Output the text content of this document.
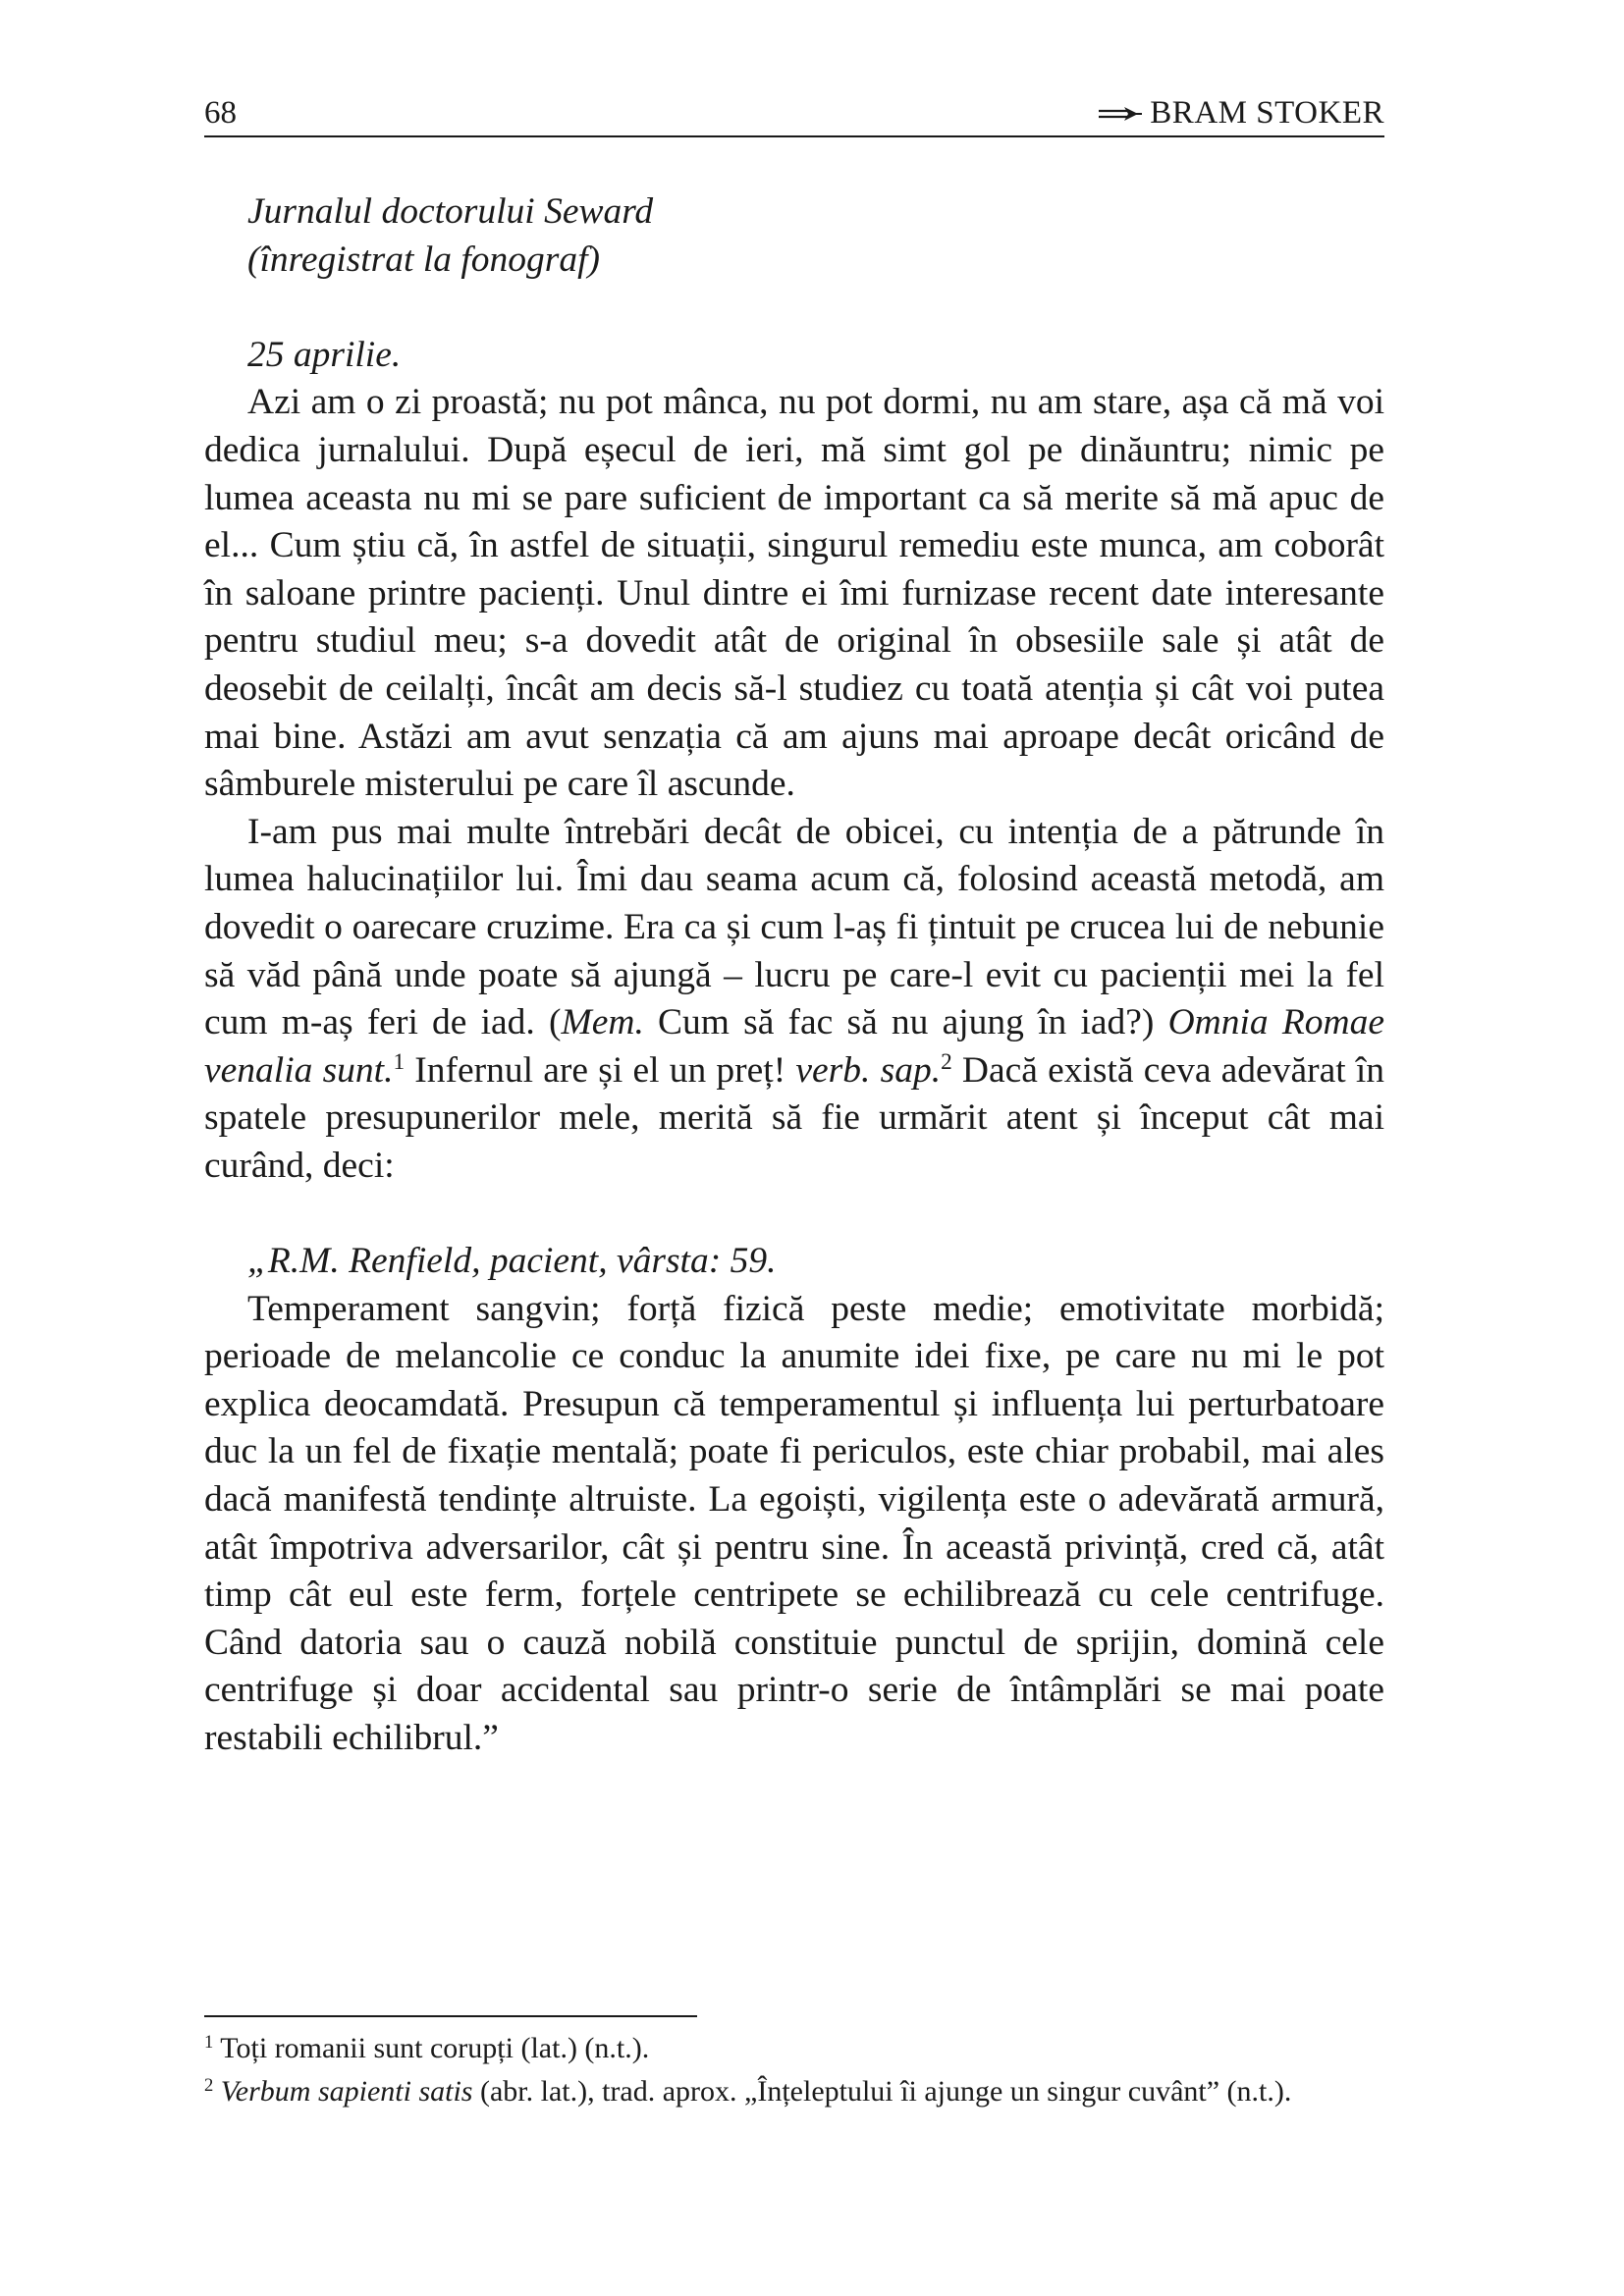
68	BRAM STOKER
Jurnalul doctorului Seward
(înregistrat la fonograf)
25 aprilie.

Azi am o zi proastă; nu pot mânca, nu pot dormi, nu am stare, așa că mă voi dedica jurnalului. După eșecul de ieri, mă simt gol pe dinăuntru; nimic pe lumea aceasta nu mi se pare suficient de important ca să merite să mă apuc de el... Cum știu că, în astfel de situații, singurul remediu este munca, am coborât în saloane printre pacienți. Unul dintre ei îmi furnizase recent date interesante pentru studiul meu; s-a dovedit atât de original în obsesiile sale și atât de deosebit de ceilalți, încât am decis să-l studiez cu toată atenția și cât voi putea mai bine. Astăzi am avut senzația că am ajuns mai aproape decât oricând de sâmburele misterului pe care îl ascunde.

I-am pus mai multe întrebări decât de obicei, cu intenția de a pătrunde în lumea halucinațiilor lui. Îmi dau seama acum că, folosind această metodă, am dovedit o oarecare cruzime. Era ca și cum l-aș fi țintuit pe crucea lui de nebunie să văd până unde poate să ajungă – lucru pe care-l evit cu pacienții mei la fel cum m-aș feri de iad. (Mem. Cum să fac să nu ajung în iad?) Omnia Romae venalia sunt.$^1$ Infernul are și el un preț! verb. sap.$^2$ Dacă există ceva adevărat în spatele presupunerilor mele, merită să fie urmărit atent și început cât mai curând, deci:

„R.M. Renfield, pacient, vârsta: 59.

Temperament sangvin; forță fizică peste medie; emotivitate morbidă; perioade de melancolie ce conduc la anumite idei fixe, pe care nu mi le pot explica deocamdată. Presupun că temperamentul și influența lui perturbatoare duc la un fel de fixație mentală; poate fi periculos, este chiar probabil, mai ales dacă manifestă tendințe altruiste. La egoiști, vigilența este o adevărată armură, atât împotriva adversarilor, cât și pentru sine. În această privință, cred că, atât timp cât eul este ferm, forțele centripete se echilibrează cu cele centrifuge. Când datoria sau o cauză nobilă constituie punctul de sprijin, domină cele centrifuge și doar accidental sau printr-o serie de întâmplări se mai poate restabili echilibrul.”

$^1$ Toți romanii sunt corupți (lat.) (n.t.).

$^2$ Verbum sapienti satis (abr. lat.), trad. aprox. „Înțeleptului îi ajunge un singur cuvânt” (n.t.).
